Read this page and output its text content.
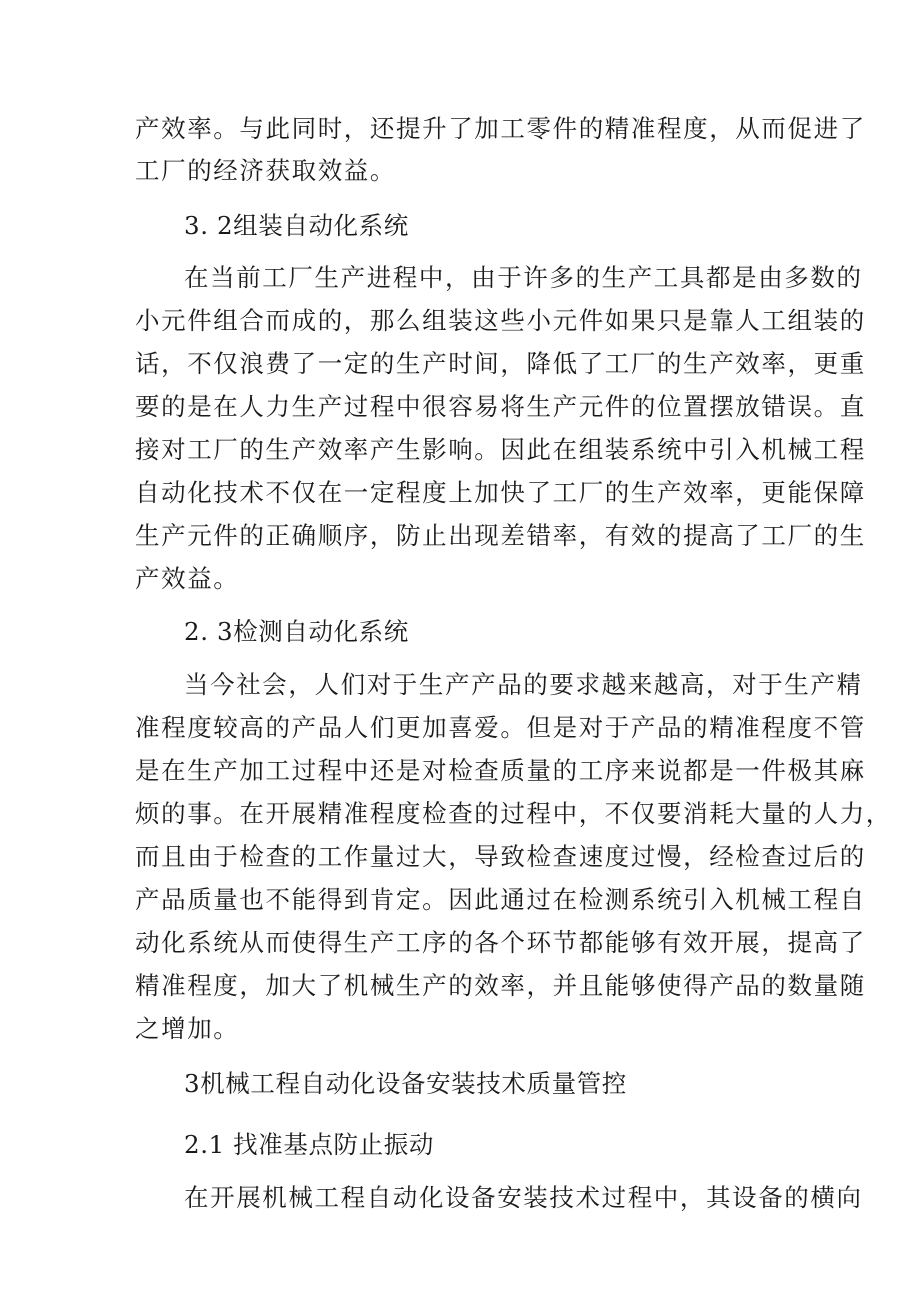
产效率。与此同时，还提升了加工零件的精准程度，从而促进了
工厂的经济获取效益。
3. 2组装自动化系统
在当前工厂生产进程中，由于许多的生产工具都是由多数的
小元件组合而成的，那么组装这些小元件如果只是靠人工组装的
话，不仅浪费了一定的生产时间，降低了工厂的生产效率，更重
要的是在人力生产过程中很容易将生产元件的位置摆放错误。直
接对工厂的生产效率产生影响。因此在组装系统中引入机械工程
自动化技术不仅在一定程度上加快了工厂的生产效率，更能保障
生产元件的正确顺序，防止出现差错率，有效的提高了工厂的生
产效益。
2. 3检测自动化系统
当今社会，人们对于生产产品的要求越来越高，对于生产精
准程度较高的产品人们更加喜爱。但是对于产品的精准程度不管
是在生产加工过程中还是对检查质量的工序来说都是一件极其麻
烦的事。在开展精准程度检查的过程中，不仅要消耗大量的人力，
而且由于检查的工作量过大，导致检查速度过慢，经检查过后的
产品质量也不能得到肯定。因此通过在检测系统引入机械工程自
动化系统从而使得生产工序的各个环节都能够有效开展，提高了
精准程度，加大了机械生产的效率，并且能够使得产品的数量随
之增加。
3机械工程自动化设备安装技术质量管控
2.1 找准基点防止振动
在开展机械工程自动化设备安装技术过程中，其设备的横向
